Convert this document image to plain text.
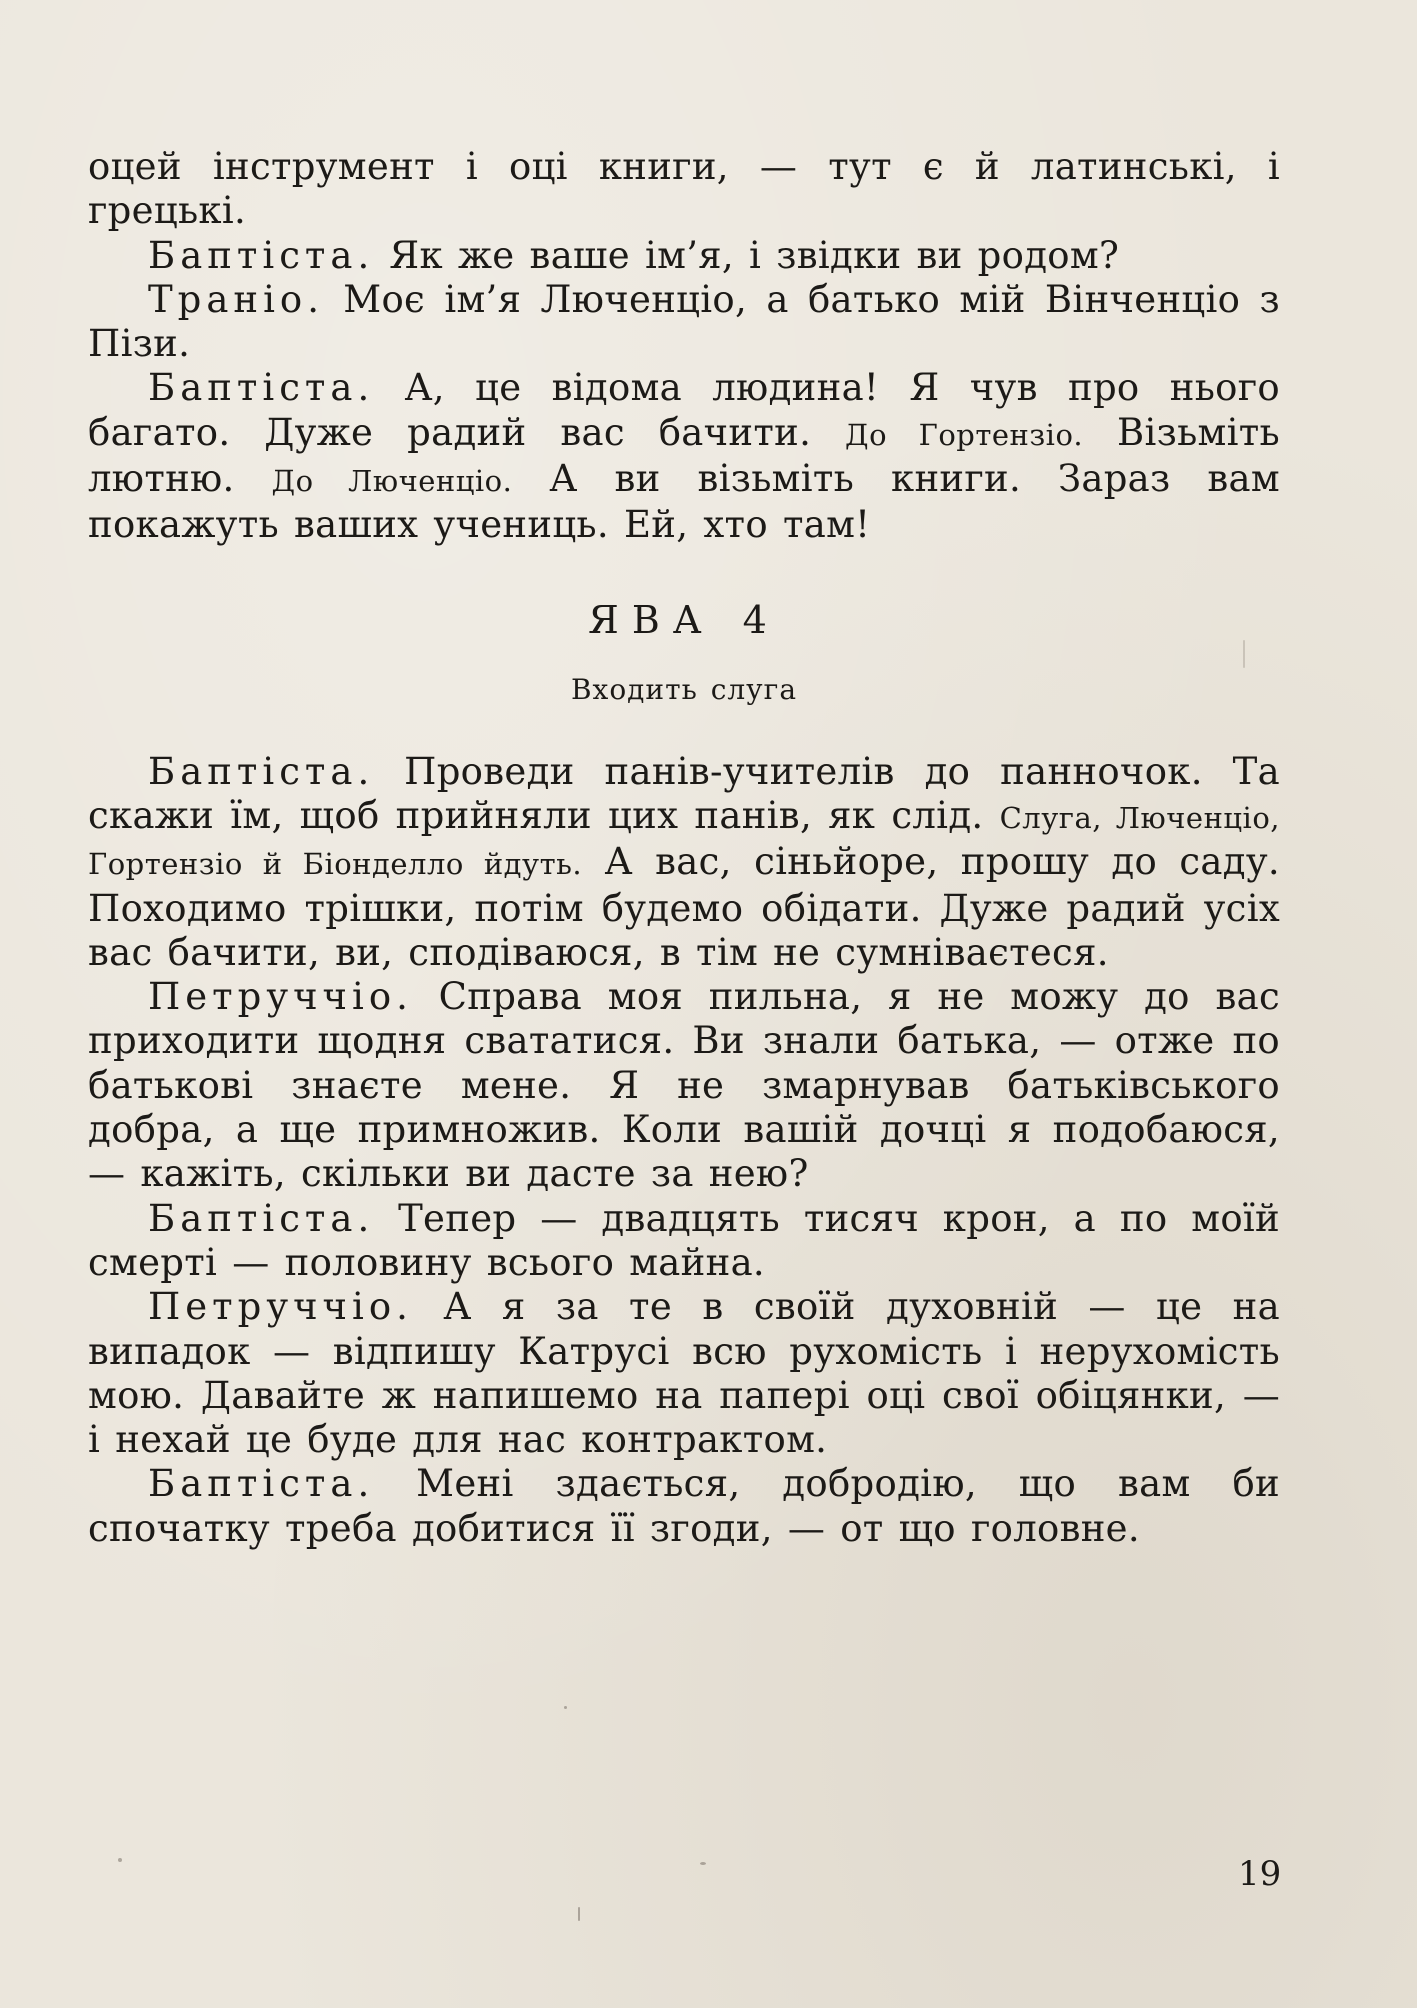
оцей інструмент і оці книги, — тут є й латинські, і грецькі.

Баптіста. Як же ваше ім’я, і звідки ви родом?

Траніо. Моє ім’я Люченціо, а батько мій Вінченціо з Пізи.

Баптіста. А, це відома людина! Я чув про нього багато. Дуже радий вас бачити. До Гортензіо. Візьміть лютню. До Люченціо. А ви візьміть книги. Зараз вам покажуть ваших учениць. Ей, хто там!

ЯВА 4

Входить слуга

Баптіста. Проведи панів-учителів до панночок. Та скажи їм, щоб прийняли цих панів, як слід. Слуга, Люченціо, Гортензіо й Біонделло йдуть. А вас, сіньйоре, прошу до саду. Походимо трішки, потім будемо обідати. Дуже радий усіх вас бачити, ви, сподіваюся, в тім не сумніваєтеся.

Петруччіо. Справа моя пильна, я не можу до вас приходити щодня свататися. Ви знали батька, — отже по батькові знаєте мене. Я не змарнував батьківського добра, а ще примножив. Коли вашій дочці я подобаюся, — кажіть, скільки ви дасте за нею?

Баптіста. Тепер — двадцять тисяч крон, а по моїй смерті — половину всього майна.

Петруччіо. А я за те в своїй духовній — це на випадок — відпишу Катрусі всю рухомість і нерухомість мою. Давайте ж напишемо на папері оці свої обіцянки, — і нехай це буде для нас контрактом.

Баптіста. Мені здається, добродію, що вам би спочатку треба добитися її згоди, — от що головне.

19
